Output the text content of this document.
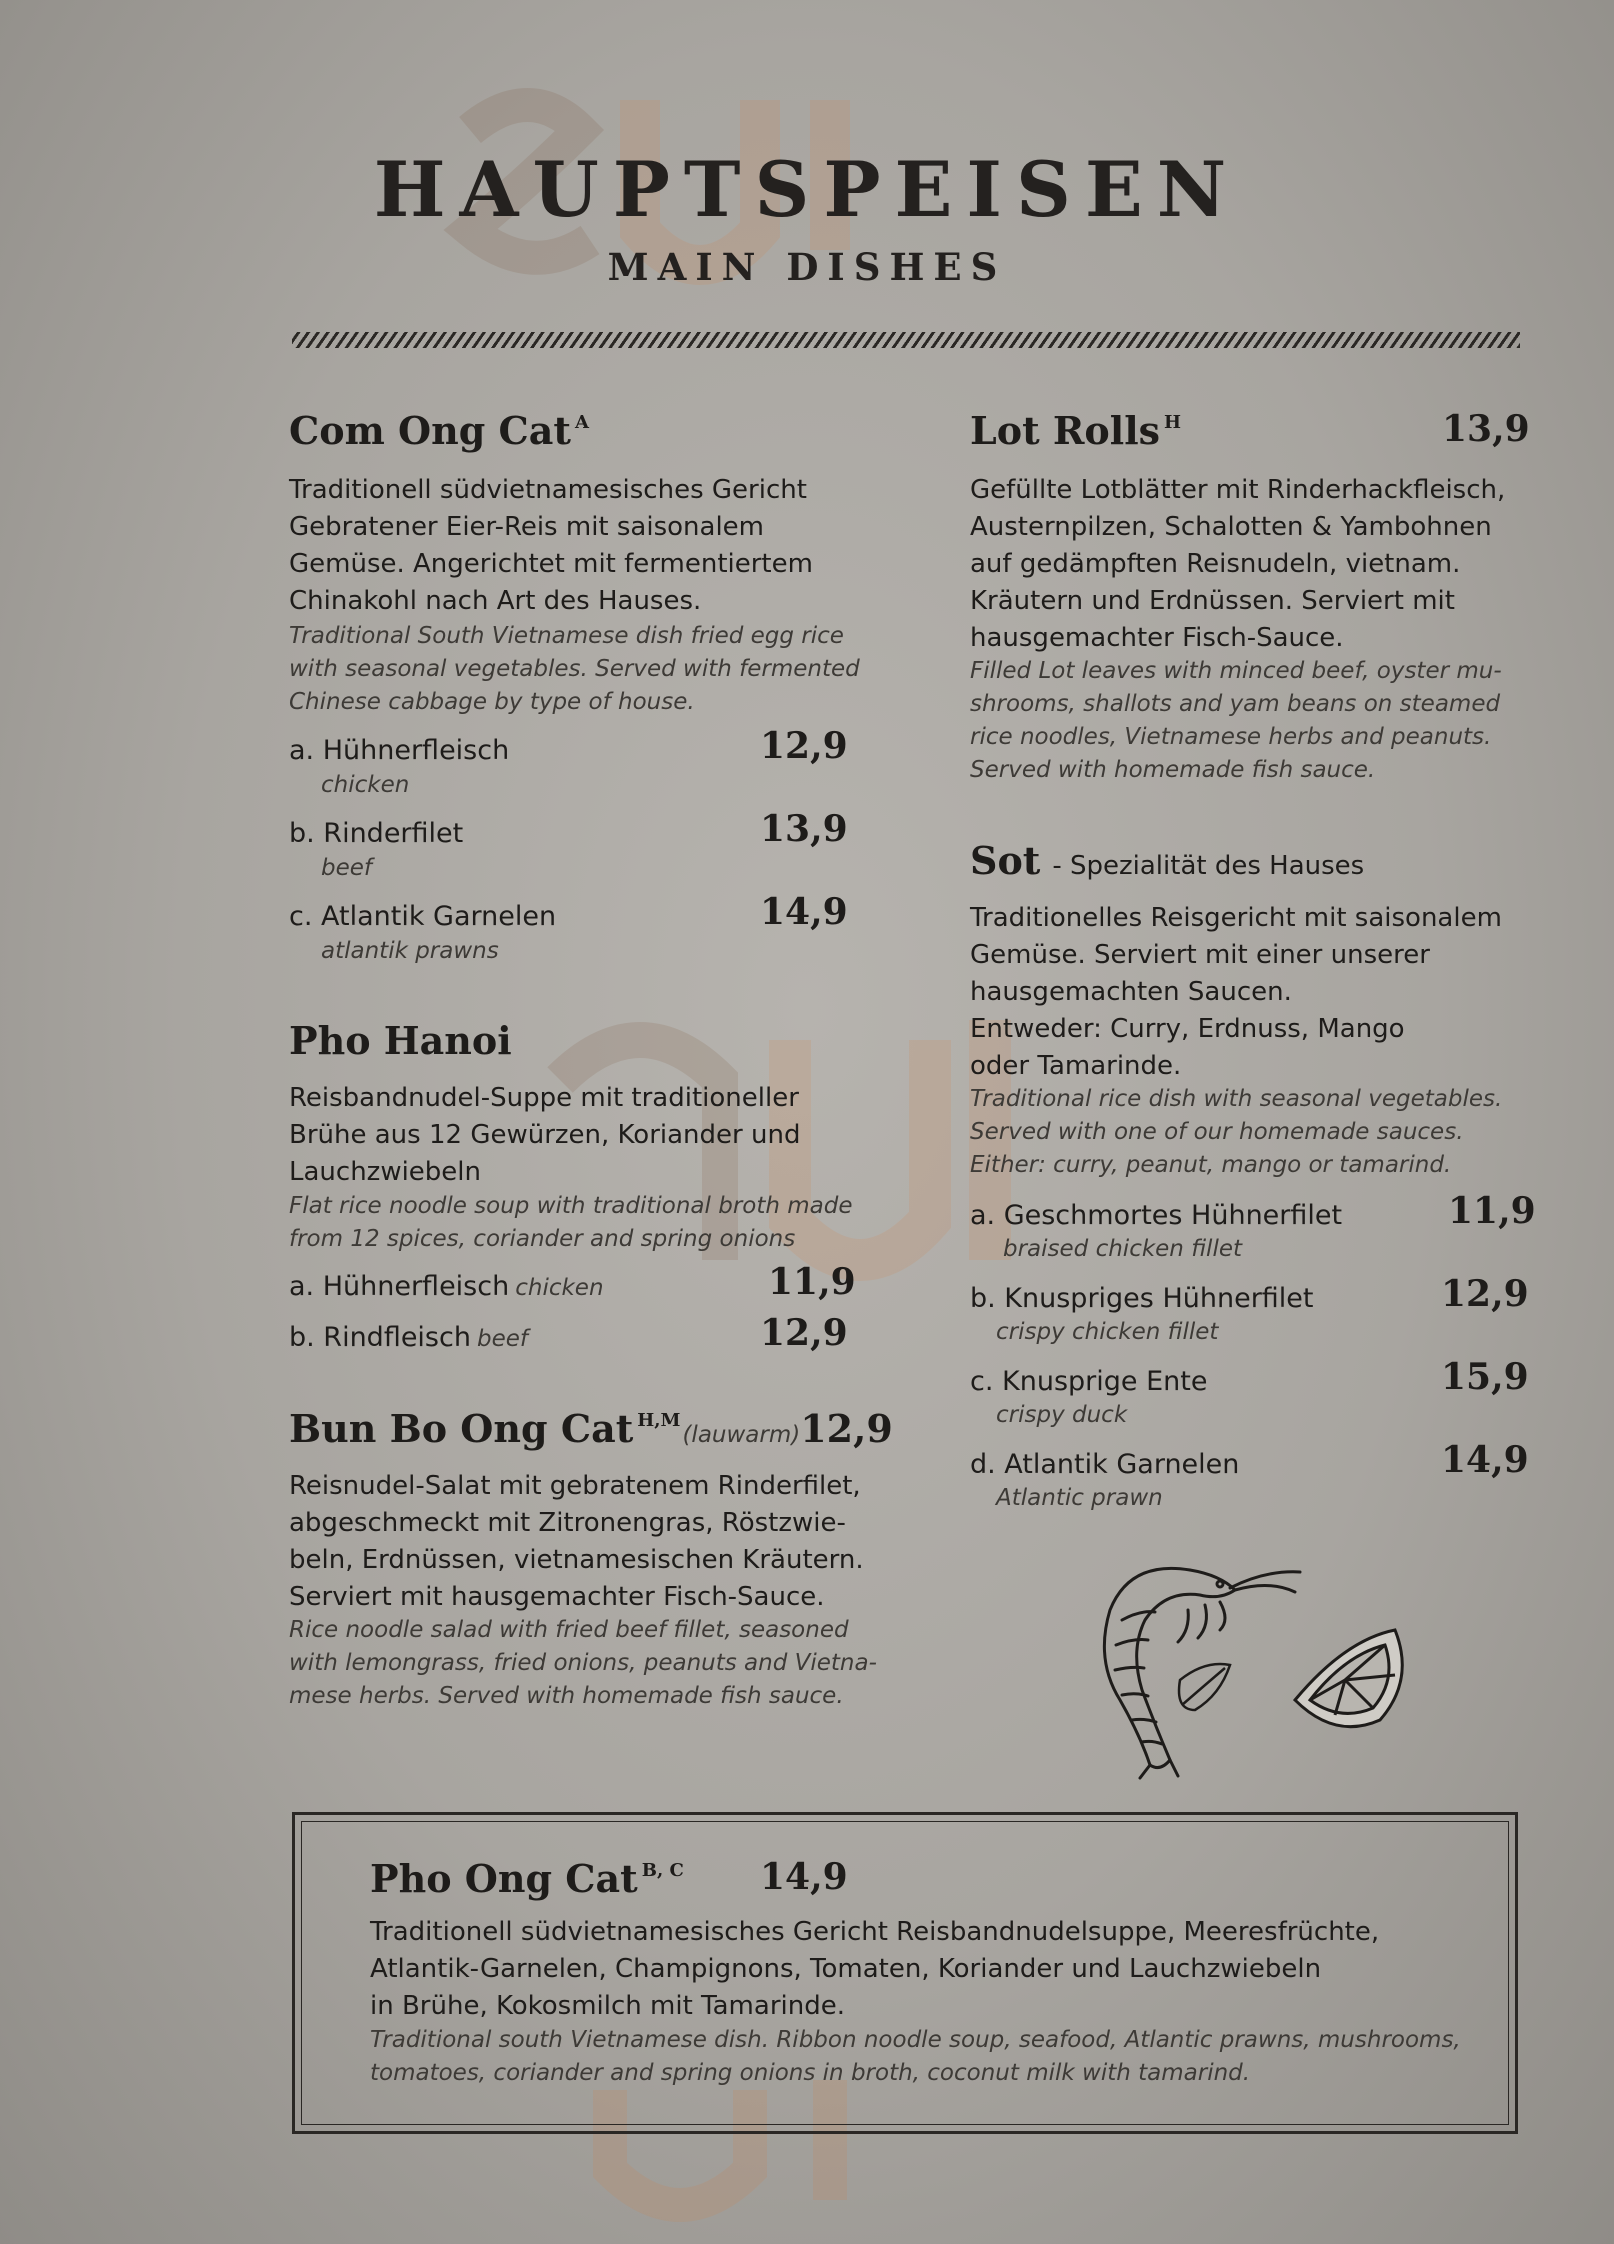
HAUPTSPEISEN
MAIN DISHES
Com Ong Cat $^A$
Traditionell südvietnamesisches Gericht
Gebratener Eier-Reis mit saisonalem
Gemüse. Angerichtet mit fermentiertem
Chinakohl nach Art des Hauses.
Traditional South Vietnamese dish fried egg rice
with seasonal vegetables. Served with fermented
Chinese cabbage by type of house.
a. Hühnerfleisch
chicken
12,9
b. Rinderfilet
beef
13,9
c. Atlantik Garnelen
atlantik prawns
14,9
Pho Hanoi
Reisbandnudel-Suppe mit traditioneller
Brühe aus 12 Gewürzen, Koriander und
Lauchzwiebeln
Flat rice noodle soup with traditional broth made
from 12 spices, coriander and spring onions
a. Hühnerfleisch chicken	11,9
b. Rindfleisch beef	12,9
Bun Bo Ong Cat $^{H,M}$(lauwarm)12,9
Reisnudel-Salat mit gebratenem Rinderfilet,
abgeschmeckt mit Zitronengras, Röstzwie-
beln, Erdnüssen, vietnamesischen Kräutern.
Serviert mit hausgemachter Fisch-Sauce.
Rice noodle salad with fried beef fillet, seasoned
with lemongrass, fried onions, peanuts and Vietna-
mese herbs. Served with homemade fish sauce.
Lot Rolls $^H$	13,9
Gefüllte Lotblätter mit Rinderhackfleisch,
Austernpilzen, Schalotten & Yambohnen
auf gedämpften Reisnudeln, vietnam.
Kräutern und Erdnüssen. Serviert mit
hausgemachter Fisch-Sauce.
Filled Lot leaves with minced beef, oyster mu-
shrooms, shallots and yam beans on steamed
rice noodles, Vietnamese herbs and peanuts.
Served with homemade fish sauce.
Sot - Spezialität des Hauses
Traditionelles Reisgericht mit saisonalem
Gemüse. Serviert mit einer unserer
hausgemachten Saucen.
Entweder: Curry, Erdnuss, Mango
oder Tamarinde.
Traditional rice dish with seasonal vegetables.
Served with one of our homemade sauces.
Either: curry, peanut, mango or tamarind.
a. Geschmortes Hühnerfilet
braised chicken fillet
11,9
b. Knuspriges Hühnerfilet
crispy chicken fillet
12,9
c. Knusprige Ente
crispy duck
15,9
d. Atlantik Garnelen
Atlantic prawn
14,9
Pho Ong Cat $^{B, C}$ 14,9
Traditionell südvietnamesisches Gericht Reisbandnudelsuppe, Meeresfrüchte,
Atlantik-Garnelen, Champignons, Tomaten, Koriander und Lauchzwiebeln
in Brühe, Kokosmilch mit Tamarinde.
Traditional south Vietnamese dish. Ribbon noodle soup, seafood, Atlantic prawns, mushrooms,
tomatoes, coriander and spring onions in broth, coconut milk with tamarind.
